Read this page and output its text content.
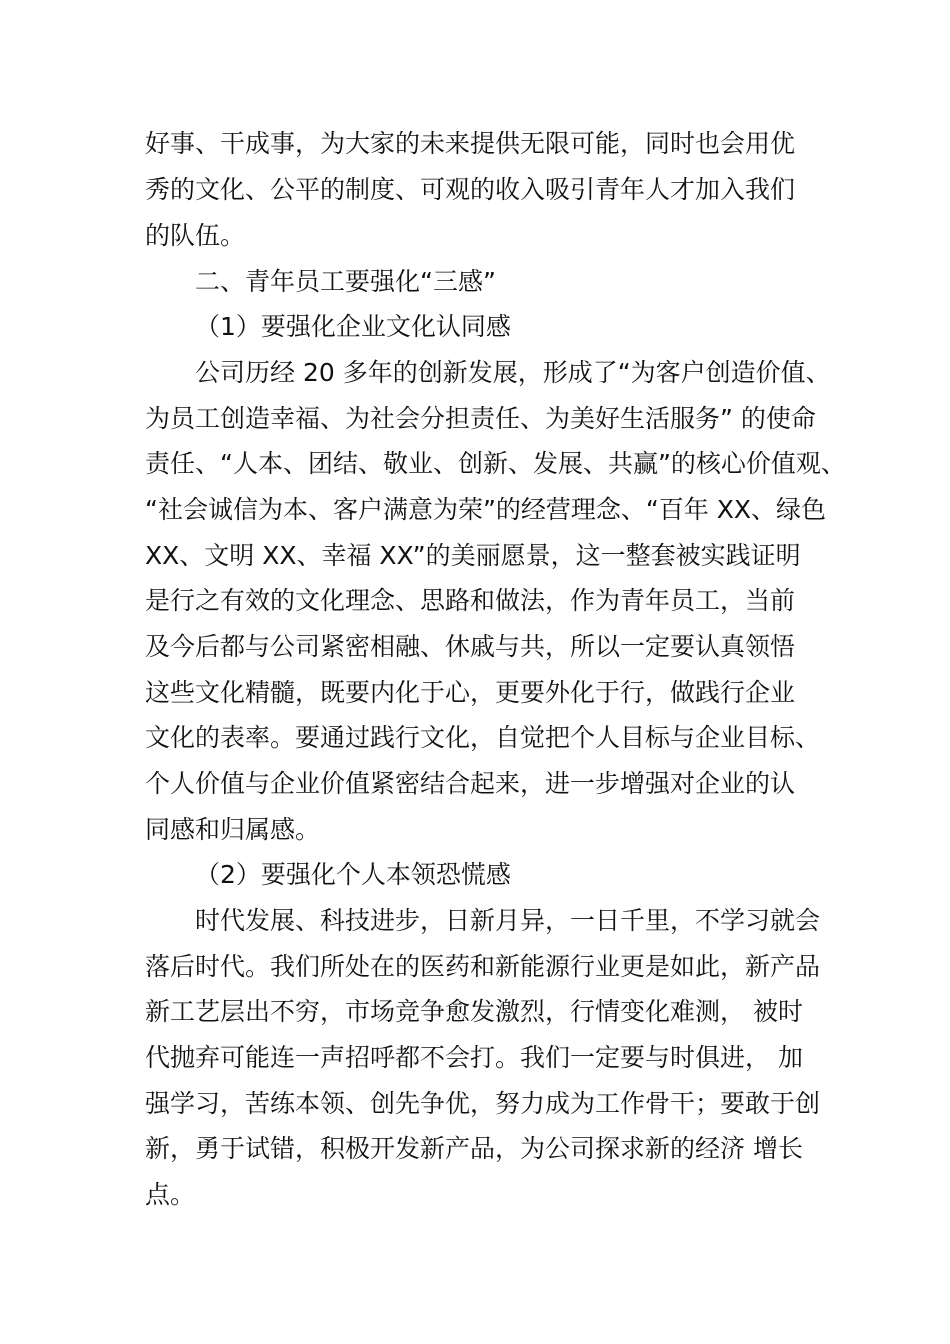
好事、干成事，为大家的未来提供无限可能，同时也会用优
秀的文化、公平的制度、可观的收入吸引青年人才加入我们
的队伍。
二、青年员工要强化“三感”
（1）要强化企业文化认同感
公司历经 20 多年的创新发展，形成了“为客户创造价值、
为员工创造幸福、为社会分担责任、为美好生活服务” 的使命
责任、“人本、团结、敬业、创新、发展、共赢”的核心价值观、
“社会诚信为本、客户满意为荣”的经营理念、“百年 XX、绿色
XX、文明 XX、幸福 XX”的美丽愿景，这一整套被实践证明
是行之有效的文化理念、思路和做法，作为青年员工，当前
及今后都与公司紧密相融、休戚与共，所以一定要认真领悟
这些文化精髓，既要内化于心，更要外化于行，做践行企业
文化的表率。要通过践行文化，自觉把个人目标与企业目标、
个人价值与企业价值紧密结合起来，进一步增强对企业的认
同感和归属感。
（2）要强化个人本领恐慌感
时代发展、科技进步，日新月异，一日千里，不学习就会
落后时代。我们所处在的医药和新能源行业更是如此，新产品
新工艺层出不穷，市场竞争愈发激烈，行情变化难测， 被时
代抛弃可能连一声招呼都不会打。我们一定要与时俱进， 加
强学习，苦练本领、创先争优，努力成为工作骨干；要敢于创
新，勇于试错，积极开发新产品，为公司探求新的经济 增长
点。
